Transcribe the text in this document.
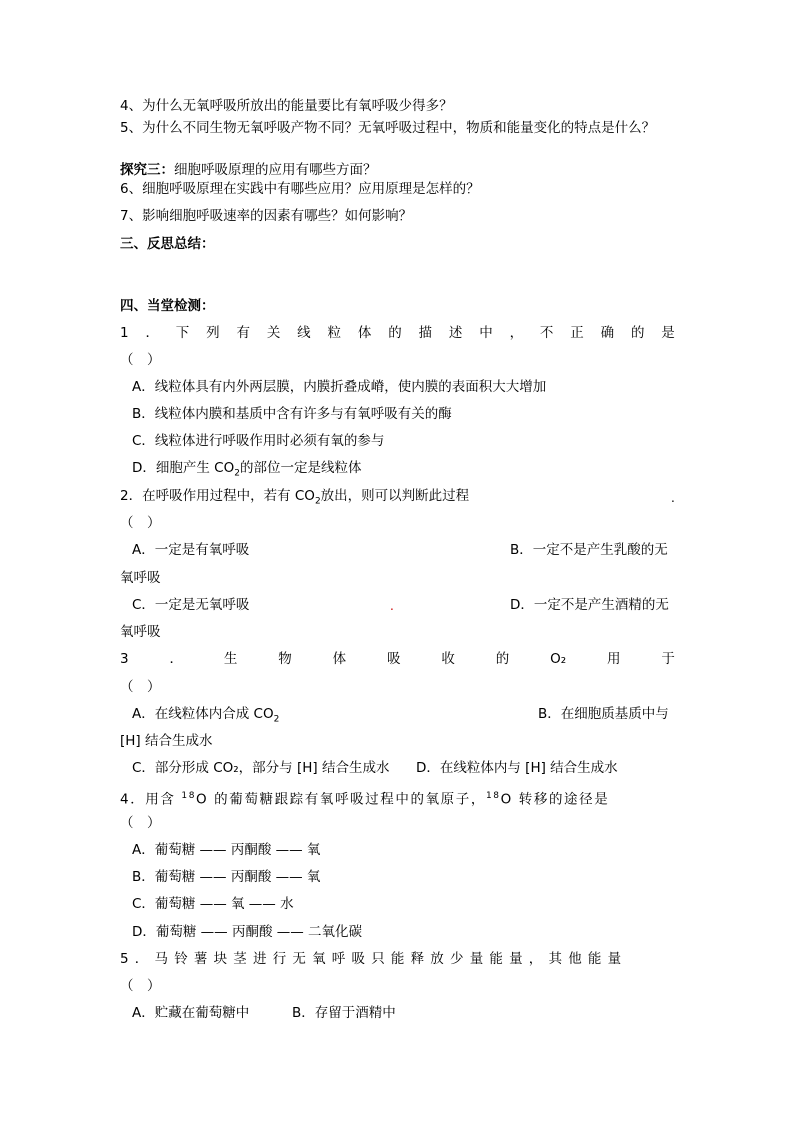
4、为什么无氧呼吸所放出的能量要比有氧呼吸少得多？
5、为什么不同生物无氧呼吸产物不同？无氧呼吸过程中，物质和能量变化的特点是什么？
探究三：细胞呼吸原理的应用有哪些方面？
6、细胞呼吸原理在实践中有哪些应用？应用原理是怎样的？
7、影响细胞呼吸速率的因素有哪些？如何影响？
三、反思总结：
四、当堂检测：
1 ． 下 列 有 关 线 粒 体 的 描 述 中 ， 不 正 确 的 是
（　）
A．线粒体具有内外两层膜，内膜折叠成嵴，使内膜的表面积大大增加
B．线粒体内膜和基质中含有许多与有氧呼吸有关的酶
C．线粒体进行呼吸作用时必须有氧的参与
D．细胞产生 $CO_2$的部位一定是线粒体
2．在呼吸作用过程中，若有 $CO_2$放出，则可以判断此过程	.
（　）
A．一定是有氧呼吸	B．一定不是产生乳酸的无
氧呼吸
C．一定是无氧呼吸	.	D．一定不是产生酒精的无
氧呼吸
3	．	生	物	体	吸	收	的	O₂	用	于
（　）
A．在线粒体内合成 $CO_2$	B．在细胞质基质中与
[H] 结合生成水
C．部分形成 CO₂，部分与 [H] 结合生成水 D．在线粒体内与 [H] 结合生成水
4．用含 $^{18}$O 的葡萄糖跟踪有氧呼吸过程中的氧原子，$^{18}$O 转移的途径是
（　）
A．葡萄糖 —— 丙酮酸 —— 氧
B．葡萄糖 —— 丙酮酸 —— 氧
C．葡萄糖 —— 氧 —— 水
D．葡萄糖 —— 丙酮酸 —— 二氧化碳
5．马铃薯块茎进行无氧呼吸只能释放少量能量，其他能量
（　）
A．贮藏在葡萄糖中	B．存留于酒精中
